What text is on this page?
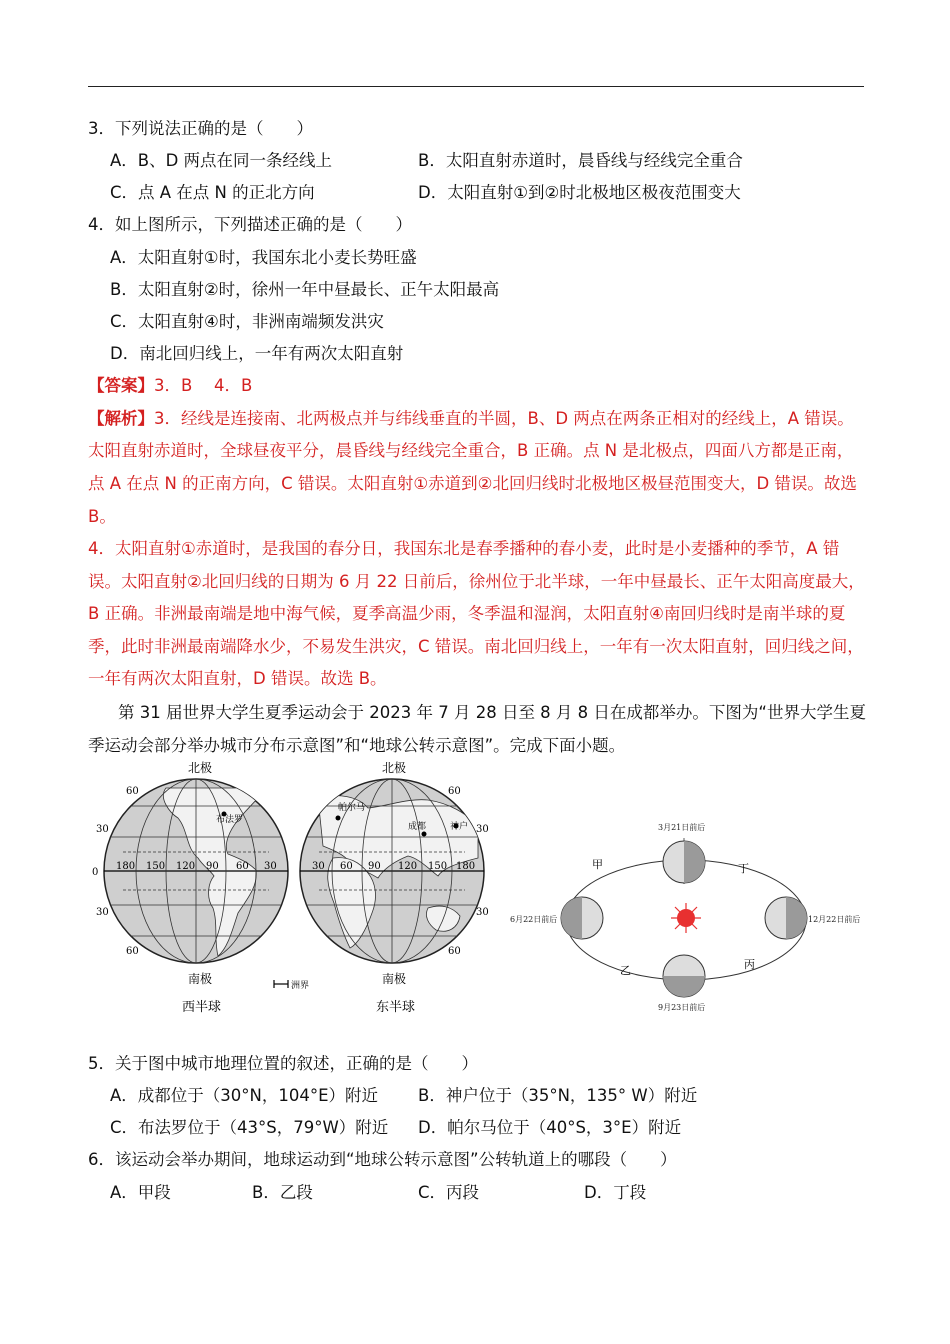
3．下列说法正确的是（　　）
A．B、D 两点在同一条经线上	B．太阳直射赤道时，晨昏线与经线完全重合
C．点 A 在点 N 的正北方向	D．太阳直射①到②时北极地区极夜范围变大
4．如上图所示，下列描述正确的是（　　）
A．太阳直射①时，我国东北小麦长势旺盛
B．太阳直射②时，徐州一年中昼最长、正午太阳最高
C．太阳直射④时，非洲南端频发洪灾
D．南北回归线上，一年有两次太阳直射
【答案】3．B　 4．B
【解析】3．经线是连接南、北两极点并与纬线垂直的半圆，B、D 两点在两条正相对的经线上，A 错误。
太阳直射赤道时，全球昼夜平分，晨昏线与经线完全重合，B 正确。点 N 是北极点，四面八方都是正南，
点 A 在点 N 的正南方向，C 错误。太阳直射①赤道到②北回归线时北极地区极昼范围变大，D 错误。故选
B。
4．太阳直射①赤道时，是我国的春分日，我国东北是春季播种的春小麦，此时是小麦播种的季节，A 错
误。太阳直射②北回归线的日期为 6 月 22 日前后，徐州位于北半球，一年中昼最长、正午太阳高度最大，
B 正确。非洲最南端是地中海气候，夏季高温少雨，冬季温和湿润，太阳直射④南回归线时是南半球的夏
季，此时非洲最南端降水少，不易发生洪灾，C 错误。南北回归线上，一年有一次太阳直射，回归线之间，
一年有两次太阳直射，D 错误。故选 B。
第 31 届世界大学生夏季运动会于 2023 年 7 月 28 日至 8 月 8 日在成都举办。下图为“世界大学生夏
季运动会部分举办城市分布示意图”和“地球公转示意图”。完成下面小题。
北极
南极
西半球
布法罗
60
30
0
30
60
180 150 120 90 60 30
北极
南极
东半球
帕尔马
成都	神户
60
30
30
60
30 60 90 120 150 180
洲界
3月21日前后
6月22日前后	12月22日前后
9月23日前后
甲	丁
乙	丙
5．关于图中城市地理位置的叙述，正确的是（　　）
A．成都位于（30°N，104°E）附近 B．神户位于（35°N，135° W）附近
C．布法罗位于（43°S，79°W）附近 D．帕尔马位于（40°S，3°E）附近
6．该运动会举办期间，地球运动到“地球公转示意图”公转轨道上的哪段（　　）
A．甲段	B．乙段	C．丙段	D．丁段
